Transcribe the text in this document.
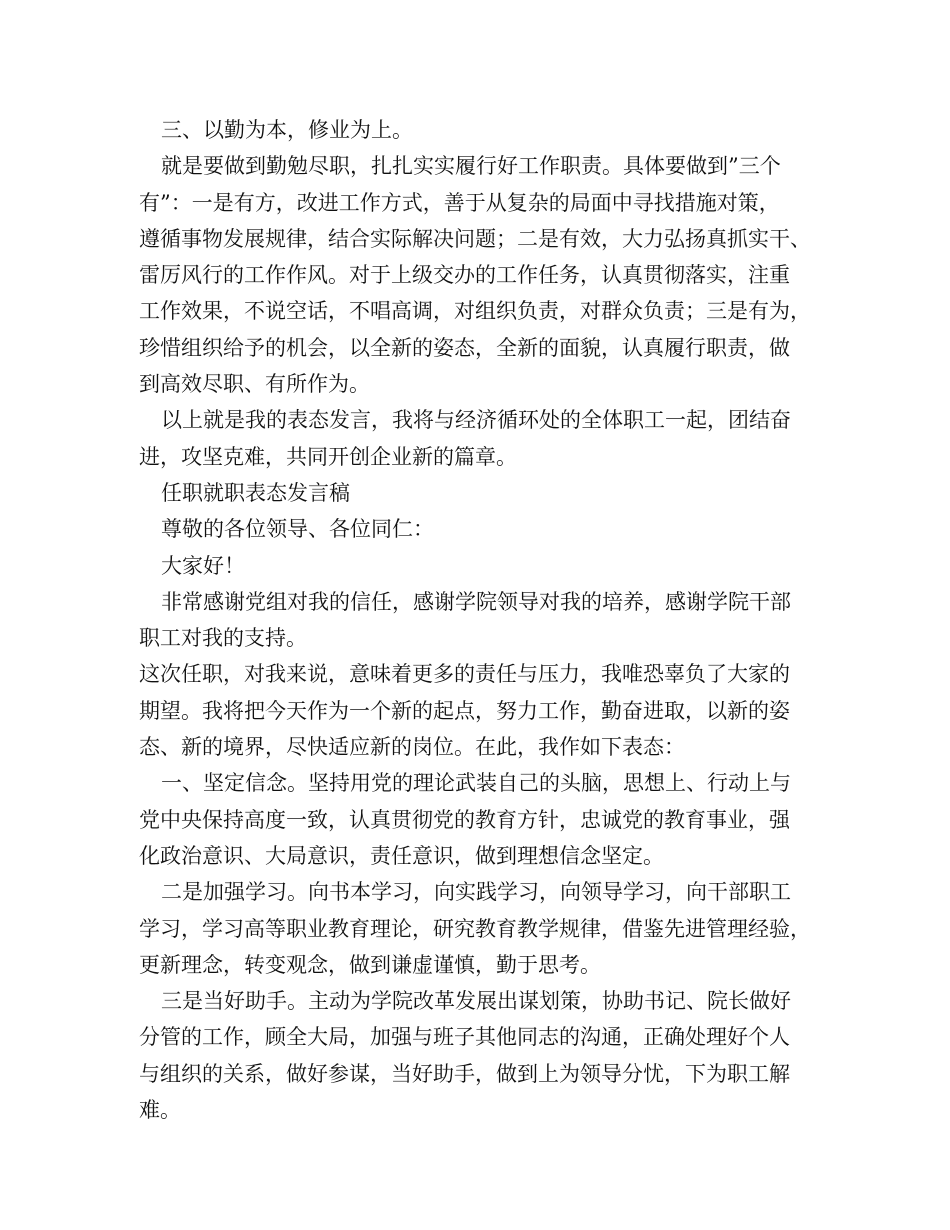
三、以勤为本，修业为上。
就是要做到勤勉尽职，扎扎实实履行好工作职责。具体要做到”三个
有”：一是有方，改进工作方式，善于从复杂的局面中寻找措施对策，
遵循事物发展规律，结合实际解决问题；二是有效，大力弘扬真抓实干、
雷厉风行的工作作风。对于上级交办的工作任务，认真贯彻落实，注重
工作效果，不说空话，不唱高调，对组织负责，对群众负责；三是有为，
珍惜组织给予的机会，以全新的姿态，全新的面貌，认真履行职责，做
到高效尽职、有所作为。
以上就是我的表态发言，我将与经济循环处的全体职工一起，团结奋
进，攻坚克难，共同开创企业新的篇章。
任职就职表态发言稿
尊敬的各位领导、各位同仁：
大家好！
非常感谢党组对我的信任，感谢学院领导对我的培养，感谢学院干部
职工对我的支持。
这次任职，对我来说，意味着更多的责任与压力，我唯恐辜负了大家的
期望。我将把今天作为一个新的起点，努力工作，勤奋进取，以新的姿
态、新的境界，尽快适应新的岗位。在此，我作如下表态：
一、坚定信念。坚持用党的理论武装自己的头脑，思想上、行动上与
党中央保持高度一致，认真贯彻党的教育方针，忠诚党的教育事业，强
化政治意识、大局意识，责任意识，做到理想信念坚定。
二是加强学习。向书本学习，向实践学习，向领导学习，向干部职工
学习，学习高等职业教育理论，研究教育教学规律，借鉴先进管理经验，
更新理念，转变观念，做到谦虚谨慎，勤于思考。
三是当好助手。主动为学院改革发展出谋划策，协助书记、院长做好
分管的工作，顾全大局，加强与班子其他同志的沟通，正确处理好个人
与组织的关系，做好参谋，当好助手，做到上为领导分忧，下为职工解
难。
